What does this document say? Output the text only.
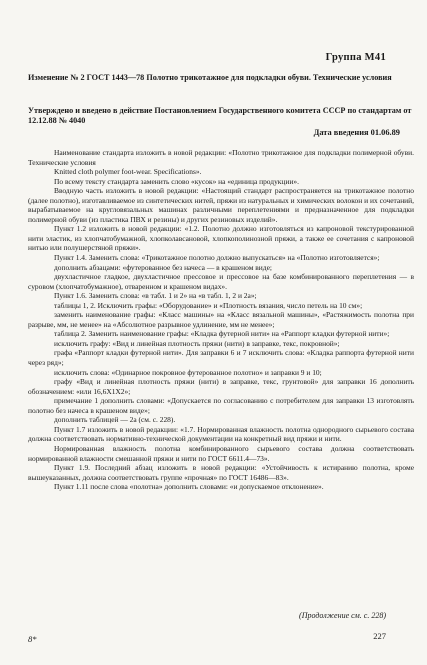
Группа М41
Изменение № 2 ГОСТ 1443—78 Полотно трикотажное для подкладки обуви. Технические условия
Утверждено и введено в действие Постановлением Государственного комитета СССР по стандартам от 12.12.88 № 4040
Дата введения 01.06.89

Наименование стандарта изложить в новой редакции: «Полотно трикотажное для подкладки полимерной обуви. Технические условия

Knitted cloth polymer foot-wear. Specifications».

По всему тексту стандарта заменить слово «кусок» на «единица продукции».

Вводную часть изложить в новой редакции: «Настоящий стандарт распространяется на трикотажное полотно (далее полотно), изготавливаемое из синтетических нитей, пряжи из натуральных и химических волокон и их сочетаний, вырабатываемое на кругловязальных машинах различными переплетениями и предназначенное для подкладки полимерной обуви (из пластика ПВХ и резины) и других резиновых изделий».

Пункт 1.2 изложить в новой редакции: «1.2. Полотно должно изготовляться из капроновой текстурированной нити эластик, из хлопчатобумажной, хлопколавсановой, хлопкополинозной пряжи, а также ее сочетания с капроновой нитью или полушерстяной пряжи».

Пункт 1.4. Заменить слова: «Трикотажное полотно должно выпускаться» на «Полотно изготовляется»;

дополнить абзацами: «футерованное без начеса — в крашеном виде;

двухластичное гладкое, двухластичное прессовое и прессовое на базе комбинированного переплетения — в суровом (хлопчатобумажное), отваренном и крашеном видах».

Пункт 1.6. Заменить слова: «в табл. 1 и 2» на «в табл. 1, 2 и 2а»;

таблицы 1, 2. Исключить графы: «Оборудование» и «Плотность вязания, число петель на 10 см»;

заменить наименование графы: «Класс машины» на «Класс вязальной машины», «Растяжимость полотна при разрыве, мм, не менее» на «Абсолютное разрывное удлинение, мм не менее»;

таблица 2. Заменить наименование графы: «Кладка футерной нити» на «Раппорт кладки футерной нити»;

исключить графу: «Вид и линейная плотность пряжи (нити) в заправке, текс, покровной»;

графа «Раппорт кладки футерной нити». Для заправки 6 и 7 исключить слова: «Кладка раппорта футерной нити через ряд»;

исключить слова: «Одинарное покровное футерованное полотно» и заправки 9 и 10;

графу «Вид и линейная плотность пряжи (нити) в заправке, текс, грунтовой» для заправки 16 дополнить обозначением: «или 16,6Х1Х2»;

примечание 1 дополнить словами: «Допускается по согласованию с потребителем для заправки 13 изготовлять полотно без начеса в крашеном виде»;

дополнить таблицей — 2а (см. с. 228).

Пункт 1.7 изложить в новой редакции: «1.7. Нормированная влажность полотна однородного сырьевого состава должна соответствовать нормативно-технической документации на конкретный вид пряжи и нити.

Нормированная влажность полотна комбинированного сырьевого состава должна соответствовать нормированной влажности смешанной пряжи и нити по ГОСТ 6611.4—73».

Пункт 1.9. Последний абзац изложить в новой редакции: «Устойчивость к истиранию полотна, кроме вышеуказанных, должна соответствовать группе «прочная» по ГОСТ 16486—83».

Пункт 1.11 после слова «полотна» дополнить словами: «и допускаемое отклонение».

(Продолжение см. с. 228)
227
8*
